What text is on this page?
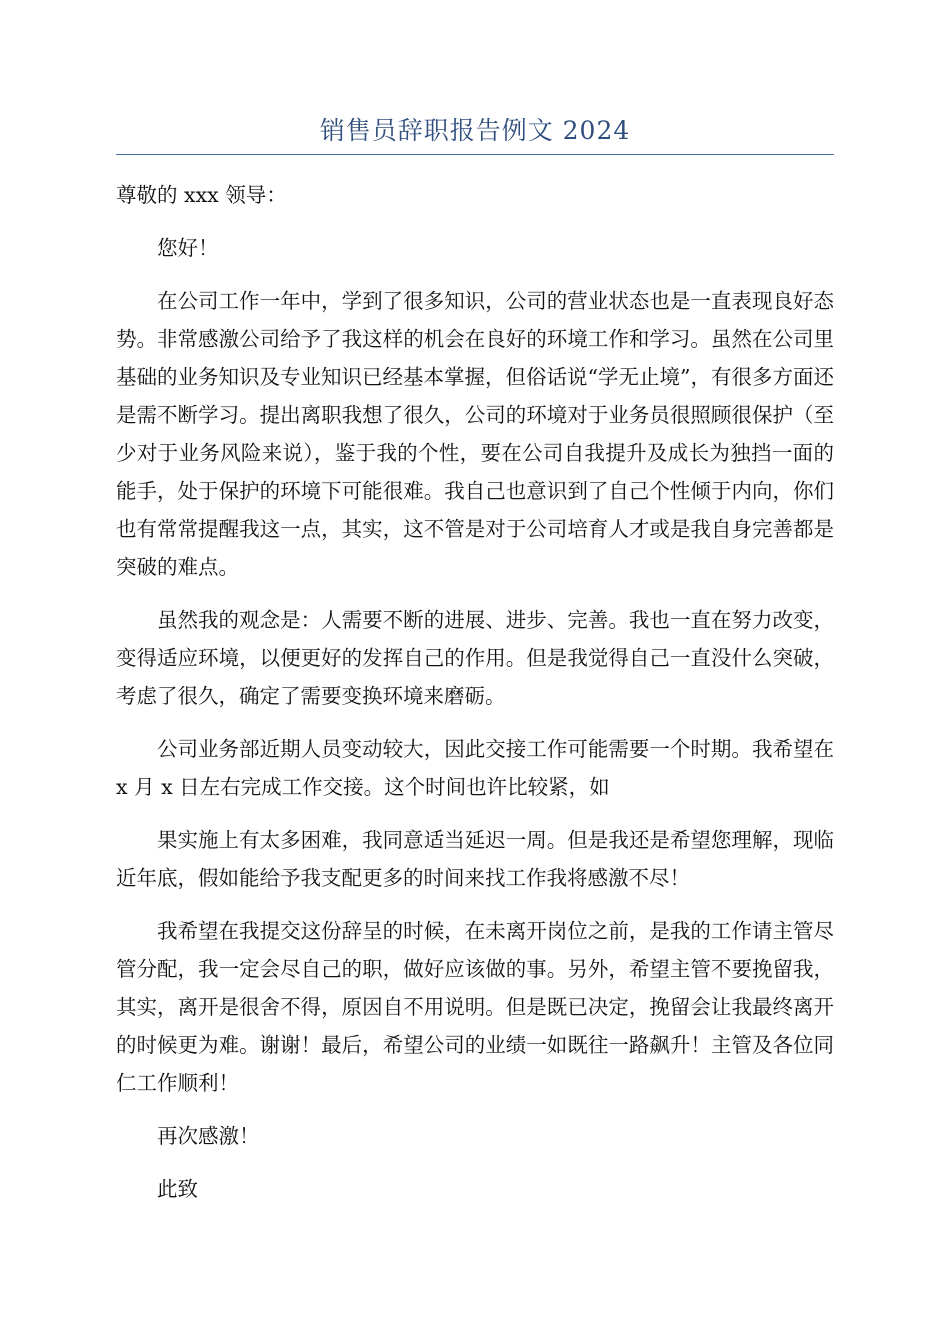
销售员辞职报告例文 2024

尊敬的 xxx 领导：

您好！

在公司工作一年中，学到了很多知识，公司的营业状态也是一直表现良好态势。非常感激公司给予了我这样的机会在良好的环境工作和学习。虽然在公司里基础的业务知识及专业知识已经基本掌握，但俗话说“学无止境”，有很多方面还是需不断学习。提出离职我想了很久，公司的环境对于业务员很照顾很保护（至少对于业务风险来说），鉴于我的个性，要在公司自我提升及成长为独挡一面的能手，处于保护的环境下可能很难。我自己也意识到了自己个性倾于内向，你们也有常常提醒我这一点，其实，这不管是对于公司培育人才或是我自身完善都是突破的难点。

虽然我的观念是：人需要不断的进展、进步、完善。我也一直在努力改变，变得适应环境，以便更好的发挥自己的作用。但是我觉得自己一直没什么突破，考虑了很久，确定了需要变换环境来磨砺。

公司业务部近期人员变动较大，因此交接工作可能需要一个时期。我希望在 x 月 x 日左右完成工作交接。这个时间也许比较紧，如

果实施上有太多困难，我同意适当延迟一周。但是我还是希望您理解，现临近年底，假如能给予我支配更多的时间来找工作我将感激不尽！

我希望在我提交这份辞呈的时候，在未离开岗位之前，是我的工作请主管尽管分配，我一定会尽自己的职，做好应该做的事。另外，希望主管不要挽留我，其实，离开是很舍不得，原因自不用说明。但是既已决定，挽留会让我最终离开的时候更为难。谢谢！最后，希望公司的业绩一如既往一路飙升！主管及各位同仁工作顺利！

再次感激！

此致
